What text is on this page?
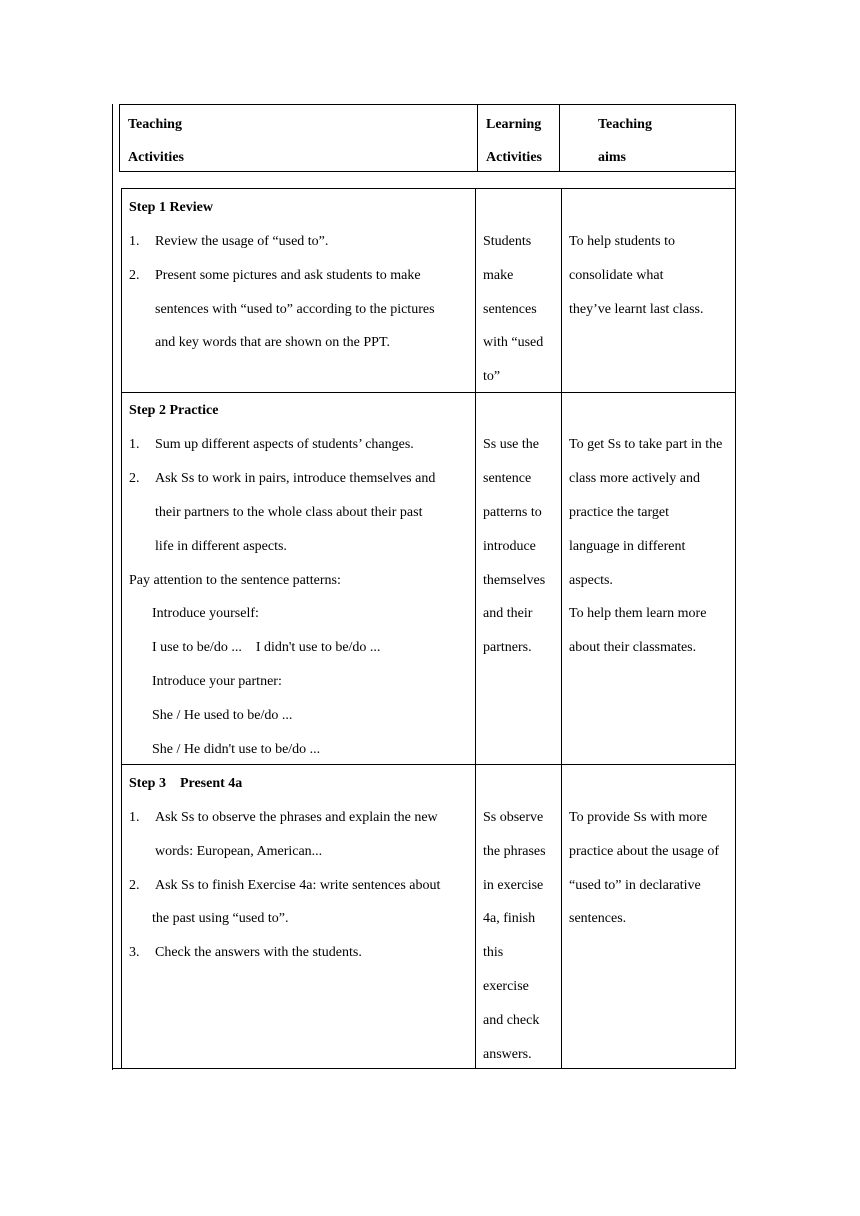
Teaching
Activities
Learning
Activities
Teaching
aims
Step 1 Review
1. Review the usage of “used to”.
2. Present some pictures and ask students to make
sentences with “used to” according to the pictures
and key words that are shown on the PPT.
Students
make
sentences
with “used
to”
To help students to
consolidate what
they’ve learnt last class.
Step 2 Practice
1. Sum up different aspects of students’ changes.
2. Ask Ss to work in pairs, introduce themselves and
their partners to the whole class about their past
life in different aspects.
Pay attention to the sentence patterns:
Introduce yourself:
I use to be/do ...    I didn't use to be/do ...
Introduce your partner:
She / He used to be/do ...
She / He didn't use to be/do ...
Ss use the
sentence
patterns to
introduce
themselves
and their
partners.
To get Ss to take part in the
class more actively and
practice the target
language in different
aspects.
To help them learn more
about their classmates.
Step 3    Present 4a
1. Ask Ss to observe the phrases and explain the new
words: European, American...
2. Ask Ss to finish Exercise 4a: write sentences about
the past using “used to”.
3. Check the answers with the students.
Ss observe
the phrases
in exercise
4a, finish
this
exercise
and check
answers.
To provide Ss with more
practice about the usage of
“used to” in declarative
sentences.
